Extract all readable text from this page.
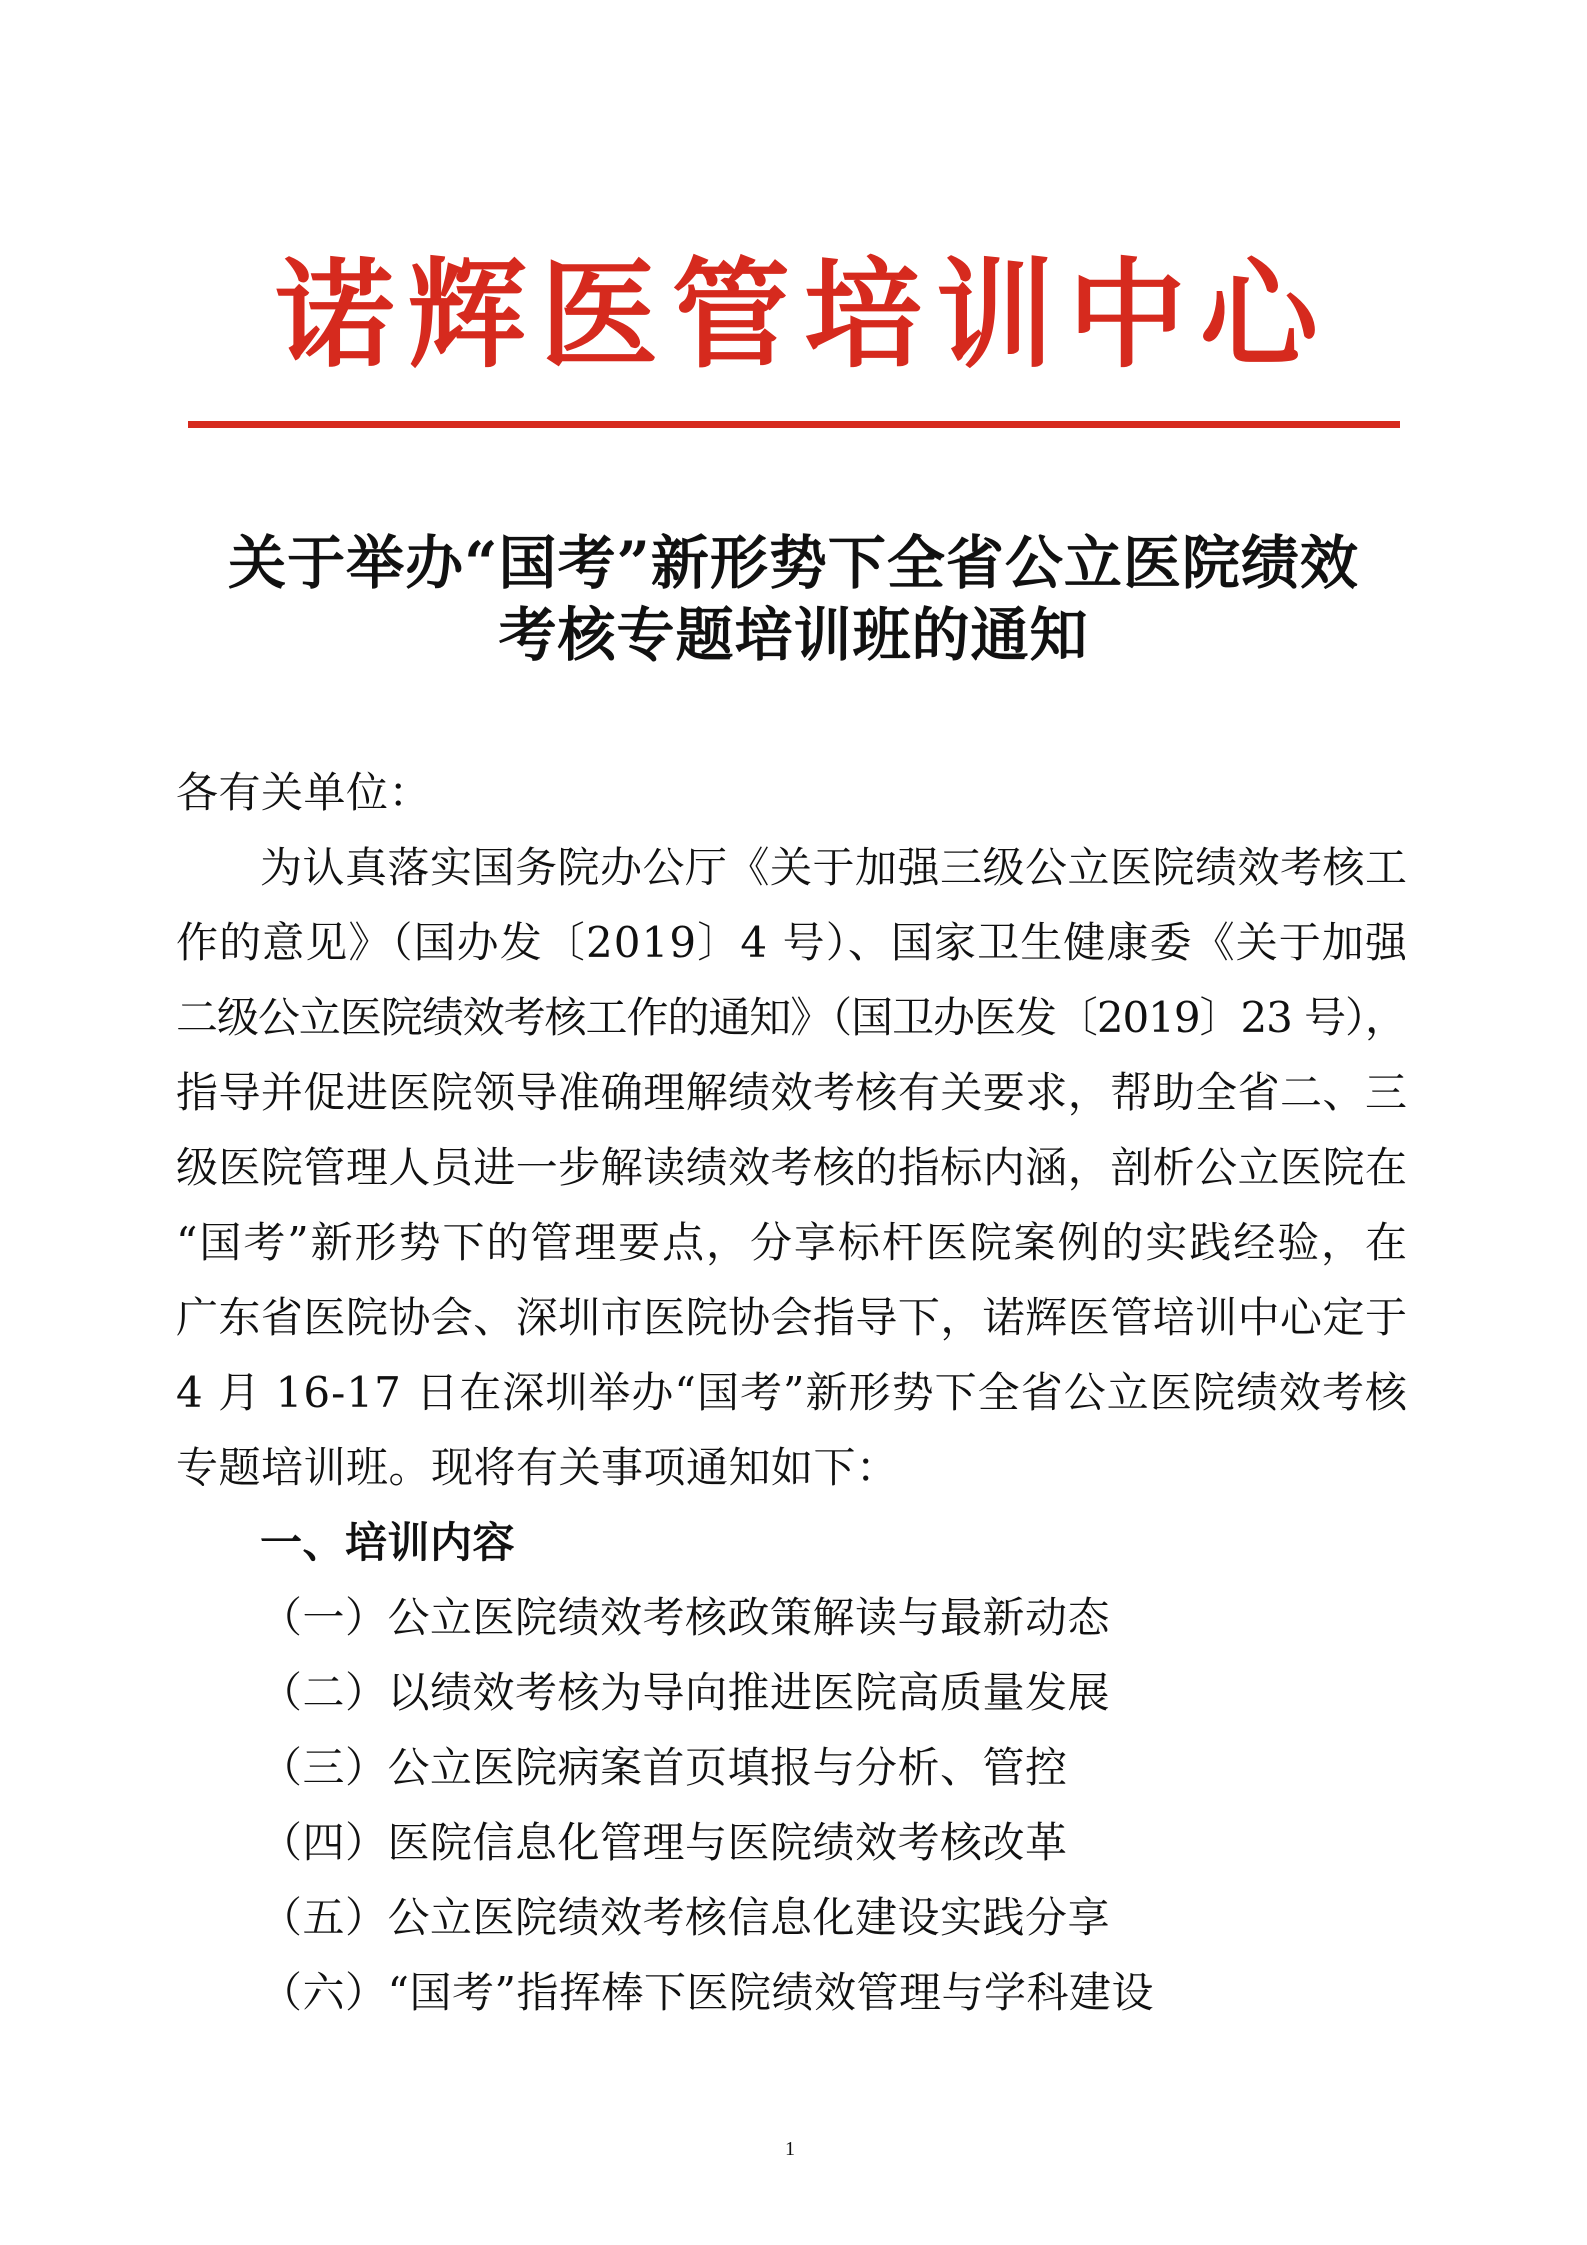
诺辉医管培训中心
关于举办“国考”新形势下全省公立医院绩效
考核专题培训班的通知
各有关单位：
为认真落实国务院办公厅《关于加强三级公立医院绩效考核工
作的意见》（国办发〔2019〕4 号）、国家卫生健康委《关于加强
二级公立医院绩效考核工作的通知》（国卫办医发〔2019〕23 号），
指导并促进医院领导准确理解绩效考核有关要求，帮助全省二、三
级医院管理人员进一步解读绩效考核的指标内涵，剖析公立医院在
“国考”新形势下的管理要点，分享标杆医院案例的实践经验，在
广东省医院协会、深圳市医院协会指导下，诺辉医管培训中心定于
4 月 16-17 日在深圳举办“国考”新形势下全省公立医院绩效考核
专题培训班。现将有关事项通知如下：
一、培训内容
（一）公立医院绩效考核政策解读与最新动态
（二）以绩效考核为导向推进医院高质量发展
（三）公立医院病案首页填报与分析、管控
（四）医院信息化管理与医院绩效考核改革
（五）公立医院绩效考核信息化建设实践分享
（六）“国考”指挥棒下医院绩效管理与学科建设
1
